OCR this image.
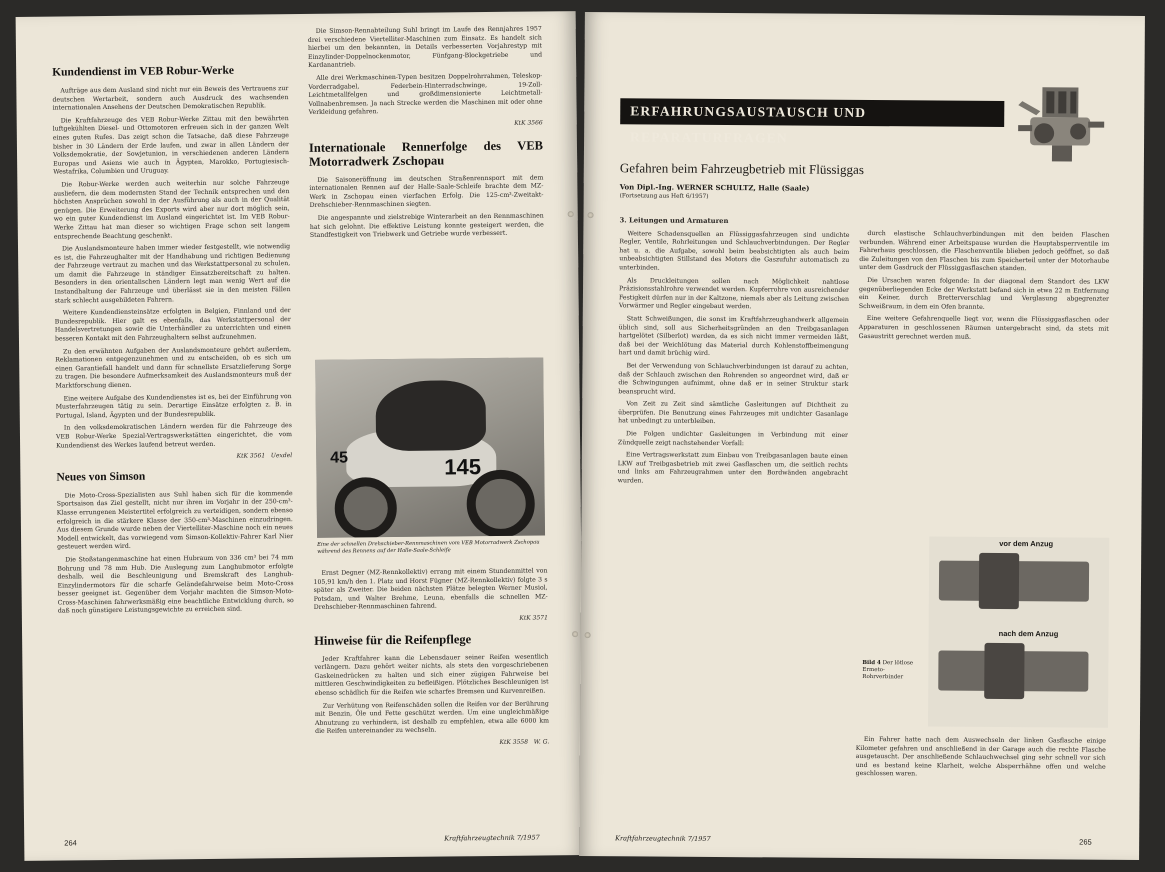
Kundendienst im VEB Robur-Werke

Aufträge aus dem Ausland sind nicht nur ein Beweis des Vertrauens zur deutschen Wertarbeit, sondern auch Ausdruck des wachsenden internationalen Ansehens der Deutschen Demokratischen Republik.

Die Kraftfahrzeuge des VEB Robur-Werke Zittau mit den bewährten luftgekühlten Diesel- und Ottomotoren erfreuen sich in der ganzen Welt eines guten Rufes. Das zeigt schon die Tatsache, daß diese Fahrzeuge bisher in 30 Ländern der Erde laufen, und zwar in allen Ländern der Volksdemokratie, der Sowjetunion, in verschiedenen anderen Ländern Europas und Asiens wie auch in Ägypten, Marokko, Portugiesisch-Westafrika, Columbien und Uruguay.

Die Robur-Werke werden auch weiterhin nur solche Fahrzeuge ausliefern, die dem modernsten Stand der Technik entsprechen und den höchsten Ansprüchen sowohl in der Ausführung als auch in der Qualität genügen. Die Erweiterung des Exports wird aber nur dort möglich sein, wo ein guter Kundendienst im Ausland eingerichtet ist. Im VEB Robur-Werke Zittau hat man dieser so wichtigen Frage schon seit langem entsprechende Beachtung geschenkt.

Die Auslandsmonteure haben immer wieder festgestellt, wie notwendig es ist, die Fahrzeughalter mit der Handhabung und richtigen Bedienung der Fahrzeuge vertraut zu machen und das Werkstattpersonal zu schulen, um damit die Fahrzeuge in ständiger Einsatzbereitschaft zu halten. Besonders in den orientalischen Ländern legt man wenig Wert auf die Instandhaltung der Fahrzeuge und überlässt sie in den meisten Fällen stark schlecht ausgebildeten Fahrern.

Weitere Kundendiensteinsätze erfolgten in Belgien, Finnland und der Bundesrepublik. Hier galt es ebenfalls, das Werkstattpersonal der Handelsvertretungen sowie die Unterhändler zu unterrichten und einen besseren Kontakt mit den Fahrzeughaltern selbst aufzunehmen.

Zu den erwähnten Aufgaben der Auslandsmonteure gehört außerdem, Reklamationen entgegenzunehmen und zu entscheiden, ob es sich um einen Garantiefall handelt und dann für schnellste Ersatzlieferung Sorge zu tragen. Die besondere Aufmerksamkeit des Auslandsmonteurs muß der Marktforschung dienen.

Eine weitere Aufgabe des Kundendienstes ist es, bei der Einführung von Musterfahrzeugen tätig zu sein. Derartige Einsätze erfolgten z. B. in Portugal, Island, Ägypten und der Bundesrepublik.

In den volksdemokratischen Ländern werden für die Fahrzeuge des VEB Robur-Werke Spezial-Vertragswerkstätten eingerichtet, die vom Kundendienst des Werkes laufend betreut werden.

KtK 3561 Uexdel
Neues von Simson

Die Moto-Cross-Spezialisten aus Suhl haben sich für die kommende Sportsaison das Ziel gestellt, nicht nur ihren im Vorjahr in der 250-cm³-Klasse errungenen Meistertitel erfolgreich zu verteidigen, sondern ebenso erfolgreich in die stärkere Klasse der 350-cm³-Maschinen einzudringen. Aus diesem Grunde wurde neben der Viertelliter-Maschine noch ein neues Modell entwickelt, das vorwiegend vom Simson-Kollektiv-Fahrer Karl Nier gesteuert werden wird.

Die Stoßstangenmaschine hat einen Hubraum von 336 cm³ bei 74 mm Bohrung und 78 mm Hub. Die Auslegung zum Langhubmotor erfolgte deshalb, weil die Beschleunigung und Bremskraft des Langhub-Einzylindermotors für die scharfe Geländefahrweise beim Moto-Cross besser geeignet ist. Gegenüber dem Vorjahr machten die Simson-Moto-Cross-Maschinen fahrwerksmäßig eine beachtliche Entwicklung durch, so daß noch günstigere Leistungsgewichte zu erreichen sind.

264

Die Simson-Rennabteilung Suhl bringt im Laufe des Rennjahres 1957 drei verschiedene Viertelliter-Maschinen zum Einsatz. Es handelt sich hierbei um den bekannten, in Details verbesserten Vorjahrestyp mit Einzylinder-Doppelnockenmotor, Fünfgang-Blockgetriebe und Kardanantrieb.

Alle drei Werkmaschinen-Typen besitzen Doppelrohrrahmen, Teleskop-Vorderradgabel, Federbein-Hinterradschwinge, 19-Zoll-Leichtmetallfelgen und großdimensionierte Leichtmetall-Vollnabenbremsen. Ja nach Strecke werden die Maschinen mit oder ohne Verkleidung gefahren.

KtK 3566
Internationale Rennerfolge des VEB Motorradwerk Zschopau

Die Saisoneröffnung im deutschen Straßenrennsport mit dem internationalen Rennen auf der Halle-Saale-Schleife brachte dem MZ-Werk in Zschopau einen vierfachen Erfolg. Die 125-cm³-Zweitakt-Drehschieber-Rennmaschinen siegten.

Die angespannte und zielstrebige Winterarbeit an den Rennmaschinen hat sich gelohnt. Die effektive Leistung konnte gesteigert werden, die Standfestigkeit von Triebwerk und Getriebe wurde verbessert.

145
45
Eine der schnellen Drehschieber-Rennmaschinen vom VEB Motorradwerk Zschopau während des Rennens auf der Halle-Saale-Schleife

Ernst Degner (MZ-Rennkollektiv) errang mit einem Stundenmittel von 105,91 km/h den 1. Platz und Horst Fügner (MZ-Rennkollektiv) folgte 3 s später als Zweiter. Die beiden nächsten Plätze belegten Werner Musiol, Potsdam, und Walter Brehme, Leuna, ebenfalls die schnellen MZ-Drehschieber-Rennmaschinen fahrend.

KtK 3571
Hinweise für die Reifenpflege

Jeder Kraftfahrer kann die Lebensdauer seiner Reifen wesentlich verlängern. Dazu gehört weiter nichts, als stets den vorgeschriebenen Gaskeinedrücken zu halten und sich einer zügigen Fahrweise bei mittleren Geschwindigkeiten zu befleißigen. Plötzliches Beschleunigen ist ebenso schädlich für die Reifen wie scharfes Bremsen und Kurvenreißen.

Zur Verhütung von Reifenschäden sollen die Reifen vor der Berührung mit Benzin, Öle und Fette geschützt werden. Um eine ungleichmäßige Abnutzung zu verhindern, ist deshalb zu empfehlen, etwa alle 6000 km die Reifen untereinander zu wechseln.

KtK 3558 W. G.
Kraftfahrzeugtechnik 7/1957
ERFAHRUNGSAUSTAUSCH UND REPARATURFRAGEN
Gefahren beim Fahrzeugbetrieb mit Flüssiggas
Von Dipl.-Ing. WERNER SCHULTZ, Halle (Saale)
(Fortsetzung aus Heft 6/1957)
3. Leitungen und Armaturen

Weitere Schadensquellen an Flüssiggasfahrzeugen sind undichte Regler, Ventile, Rohrleitungen und Schlauchverbindungen. Der Regler hat u. a. die Aufgabe, sowohl beim beabsichtigten als auch beim unbeabsichtigten Stillstand des Motors die Gaszufuhr automatisch zu unterbinden.

Als Druckleitungen sollen nach Möglichkeit nahtlose Präzisionsstahlrohre verwendet werden. Kupferrohre von ausreichender Festigkeit dürfen nur in der Kaltzone, niemals aber als Leitung zwischen Vorwärmer und Regler eingebaut werden.

Statt Schweißungen, die sonst im Kraftfahrzeughandwerk allgemein üblich sind, soll aus Sicherheitsgründen an den Treibgasanlagen hartgelötet (Silberlot) werden, da es sich nicht immer vermeiden läßt, daß bei der Weichlötung das Material durch Kohlenstoffbeimengung hart und damit brüchig wird.

Bei der Verwendung von Schlauchverbindungen ist darauf zu achten, daß der Schlauch zwischen den Rohrenden so angeordnet wird, daß er die Schwingungen aufnimmt, ohne daß er in seiner Struktur stark beansprucht wird.

Von Zeit zu Zeit sind sämtliche Gasleitungen auf Dichtheit zu überprüfen. Die Benutzung eines Fahrzeuges mit undichter Gasanlage hat unbedingt zu unterbleiben.

Die Folgen undichter Gasleitungen in Verbindung mit einer Zündquelle zeigt nachstehender Vorfall:

Eine Vertragswerkstatt zum Einbau von Treibgasanlagen baute einen LKW auf Treibgasbetrieb mit zwei Gasflaschen um, die seitlich rechts und links am Fahrzeugrahmen unter den Bordwänden angebracht wurden.

durch elastische Schlauchverbindungen mit den beiden Flaschen verbunden. Während einer Arbeitspause wurden die Hauptabsperrventile im Fahrerhaus geschlossen, die Flaschenventile blieben jedoch geöffnet, so daß die Zuleitungen von den Flaschen bis zum Speicherteil unter der Motorhaube unter dem Gasdruck der Flüssiggasflaschen standen.

Die Ursachen waren folgende: In der diagonal dem Standort des LKW gegenüberliegenden Ecke der Werkstatt befand sich in etwa 22 m Entfernung ein Keiner, durch Bretterverschlag und Verglasung abgegrenzter Schweißraum, in dem ein Ofen brannte.

Eine weitere Gefahrenquelle liegt vor, wenn die Flüssiggasflaschen oder Apparaturen in geschlossenen Räumen untergebracht sind, da stets mit Gasaustritt gerechnet werden muß.

vor dem Anzug
nach dem Anzug
Bild 4 Der lötlose Ermeto-Rohrverbinder

Ein Fahrer hatte nach dem Auswechseln der linken Gasflasche einige Kilometer gefahren und anschließend in der Garage auch die rechte Flasche ausgetauscht. Der anschließende Schlauchwechsel ging sehr schnell vor sich und es bestand keine Klarheit, welche Absperrhähne offen und welche geschlossen waren.

Kraftfahrzeugtechnik 7/1957	265
